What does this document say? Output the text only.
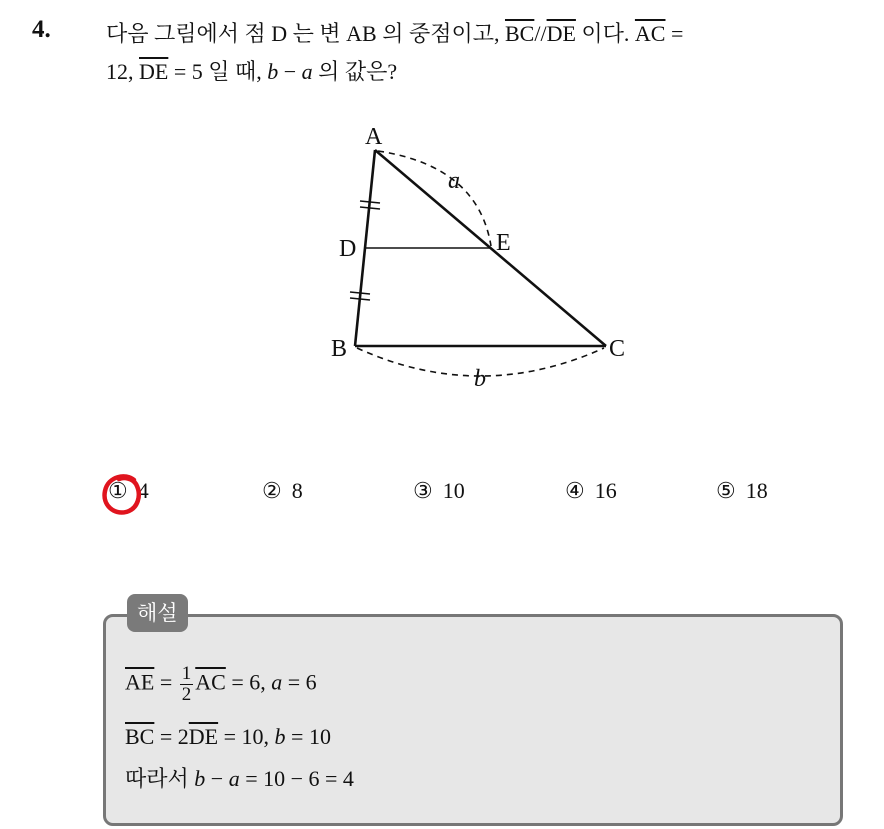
4.	다음 그림에서 점 D 는 변 AB 의 중점이고, $\overline{BC}//\overline{DE}$ 이다. $\overline{AC}$ =
12, $\overline{DE} = 5$ 일 때, b − a 의 값은?
A
B	C
D	E
a
b
① 4	② 8	③ 10	④ 16	⑤ 18
해설
$\overline{AE} = \frac{1}{2} \overline{AC} = 6$, a = 6
$\overline{BC} = 2\overline{DE} = 10$, b = 10
따라서 b − a = 10 − 6 = 4
